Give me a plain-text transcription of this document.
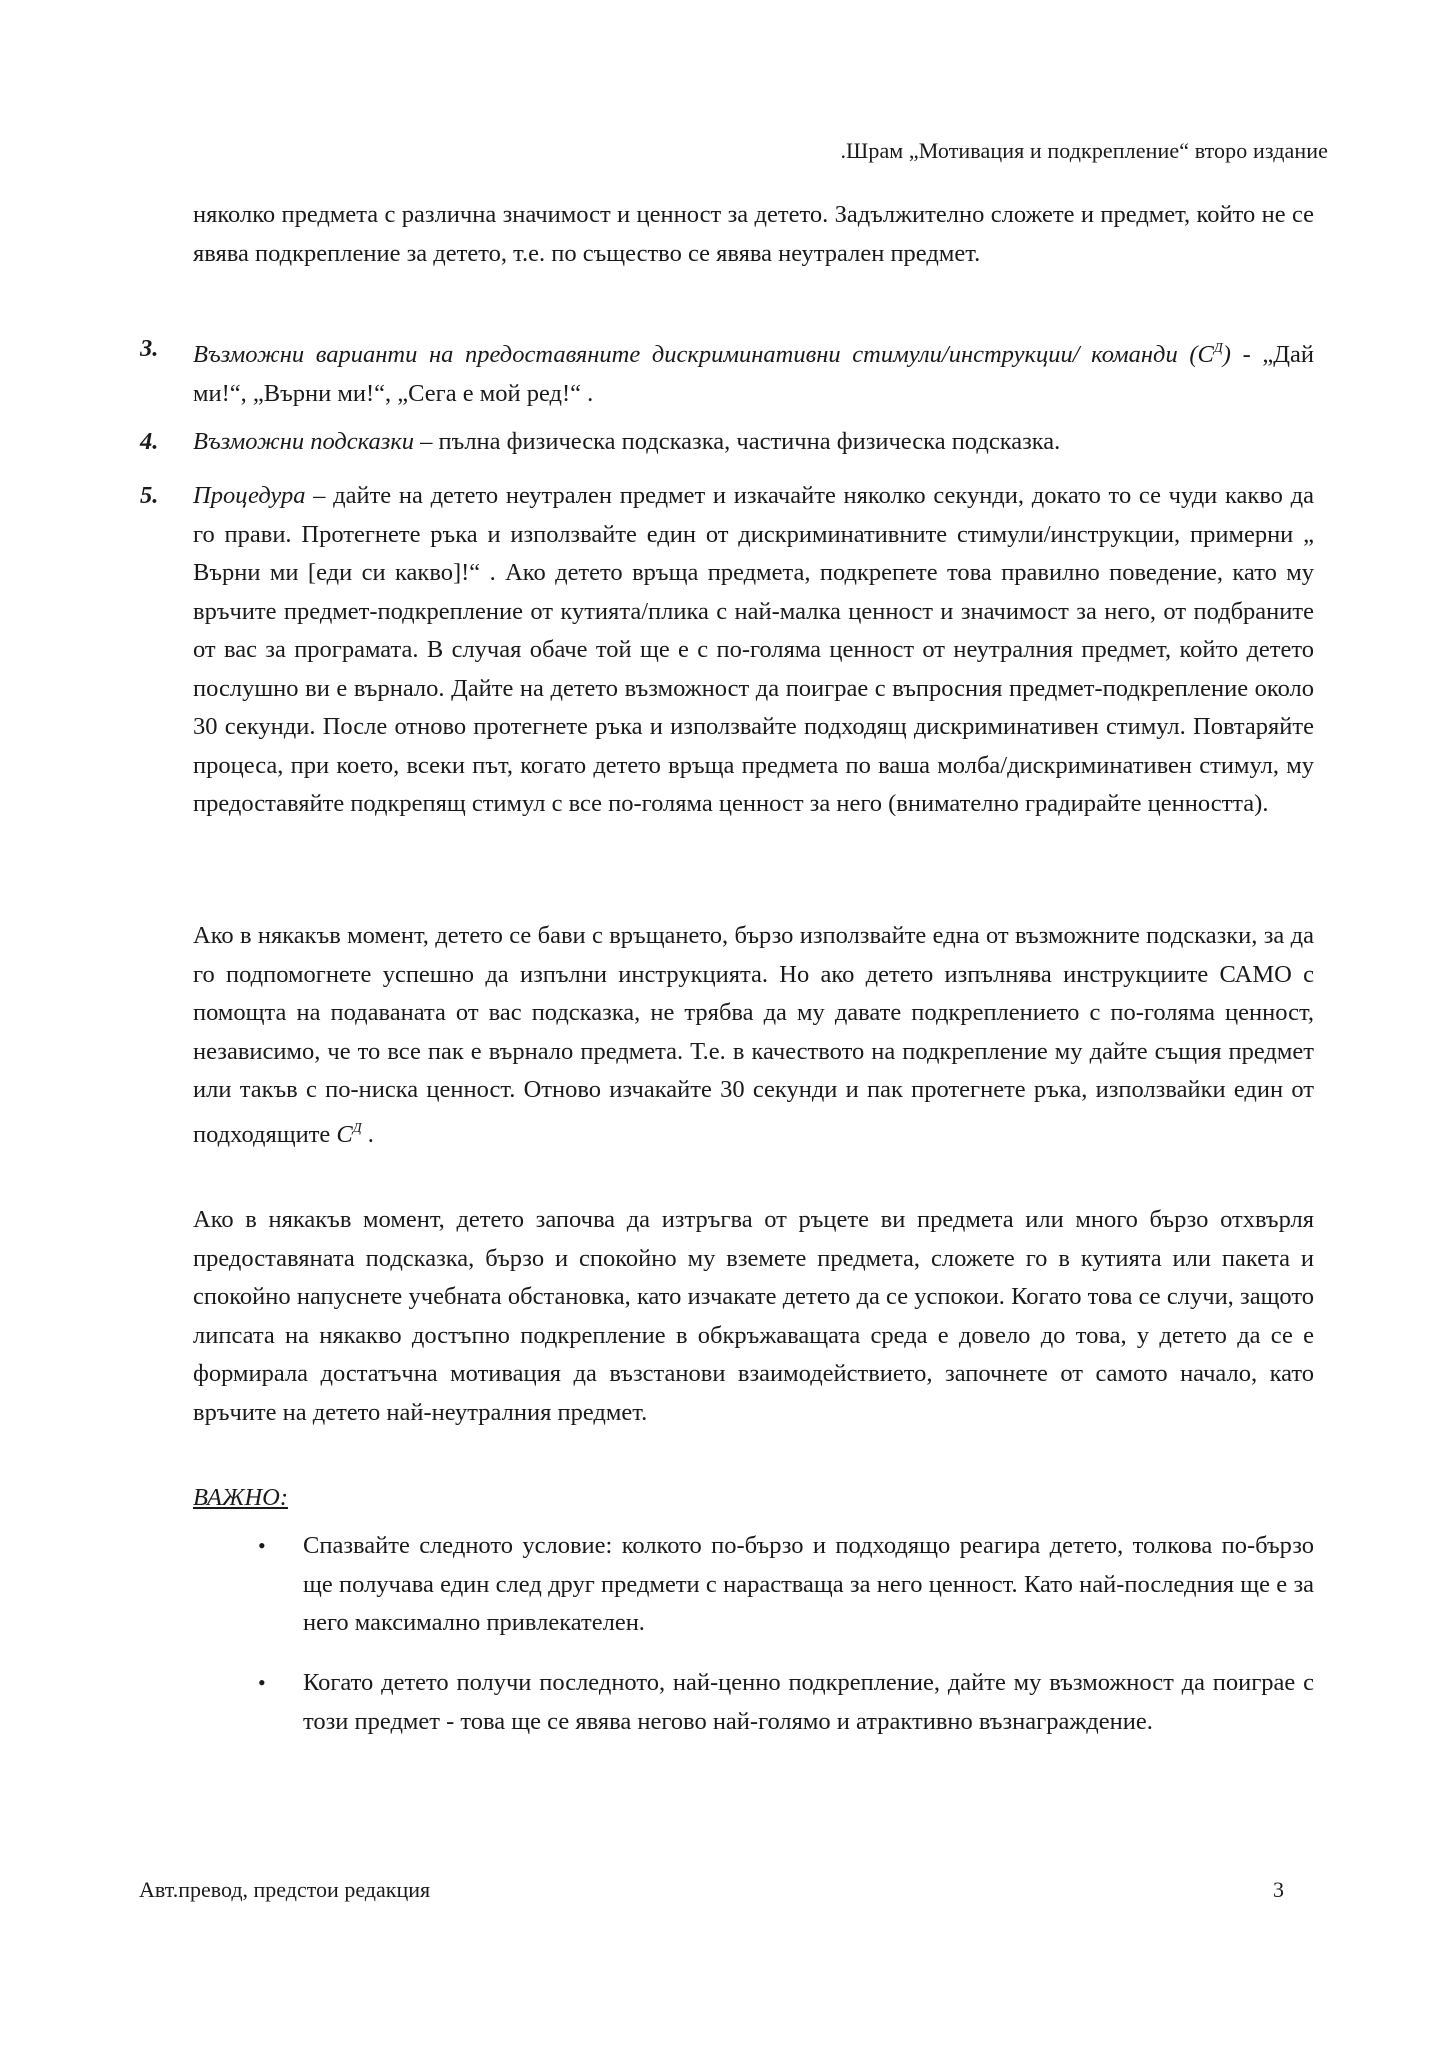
.Шрам „Мотивация и подкрепление“ второ издание
няколко предмета с различна значимост и ценност за детето. Задължително сложете и предмет, който не се явява подкрепление за детето, т.е. по същество се явява неутрален предмет.
3. Възможни варианти на предоставяните дискриминативни стимули/инструкции/ команди $(С^Д)$ - „Дай ми!“, „Върни ми!“, „Сега е мой ред!“ .
4. Възможни подсказки – пълна физическа подсказка, частична физическа подсказка.
5. Процедура – дайте на детето неутрален предмет и изкачайте няколко секунди, докато то се чуди какво да го прави. Протегнете ръка и използвайте един от дискриминативните стимули/инструкции, примерни „ Върни ми [еди си какво]!“ . Ако детето връща предмета, подкрепете това правилно поведение, като му връчите предмет-подкрепление от кутията/плика с най-малка ценност и значимост за него, от подбраните от вас за програмата. В случая обаче той ще е с по-голяма ценност от неутралния предмет, който детето послушно ви е върнало. Дайте на детето възможност да поиграе с въпросния предмет-подкрепление около 30 секунди. После отново протегнете ръка и използвайте подходящ дискриминативен стимул. Повтаряйте процеса, при което, всеки път, когато детето връща предмета по ваша молба/дискриминативен стимул, му предоставяйте подкрепящ стимул с все по-голяма ценност за него (внимателно градирайте ценността).
Ако в някакъв момент, детето се бави с връщането, бързо използвайте една от възможните подсказки, за да го подпомогнете успешно да изпълни инструкцията. Но ако детето изпълнява инструкциите САМО с помощта на подаваната от вас подсказка, не трябва да му давате подкреплението с по-голяма ценност, независимо, че то все пак е върнало предмета. Т.е. в качеството на подкрепление му дайте същия предмет или такъв с по-ниска ценност. Отново изчакайте 30 секунди и пак протегнете ръка, използвайки един от подходящите $С^Д$ .
Ако в някакъв момент, детето започва да изтръгва от ръцете ви предмета или много бързо отхвърля предоставяната подсказка, бързо и спокойно му вземете предмета, сложете го в кутията или пакета и спокойно напуснете учебната обстановка, като изчакате детето да се успокои. Когато това се случи, защото липсата на някакво достъпно подкрепление в обкръжаващата среда е довело до това, у детето да се е формирала достатъчна мотивация да възстанови взаимодействието, започнете от самото начало, като връчите на детето най-неутралния предмет.
ВАЖНО:
• Спазвайте следното условие: колкото по-бързо и подходящо реагира детето, толкова по-бързо ще получава един след друг предмети с нарастваща за него ценност. Като най-последния ще е за него максимално привлекателен.
• Когато детето получи последното, най-ценно подкрепление, дайте му възможност да поиграе с този предмет - това ще се явява негово най-голямо и атрактивно възнаграждение.
Авт.превод, предстои редакция	3
